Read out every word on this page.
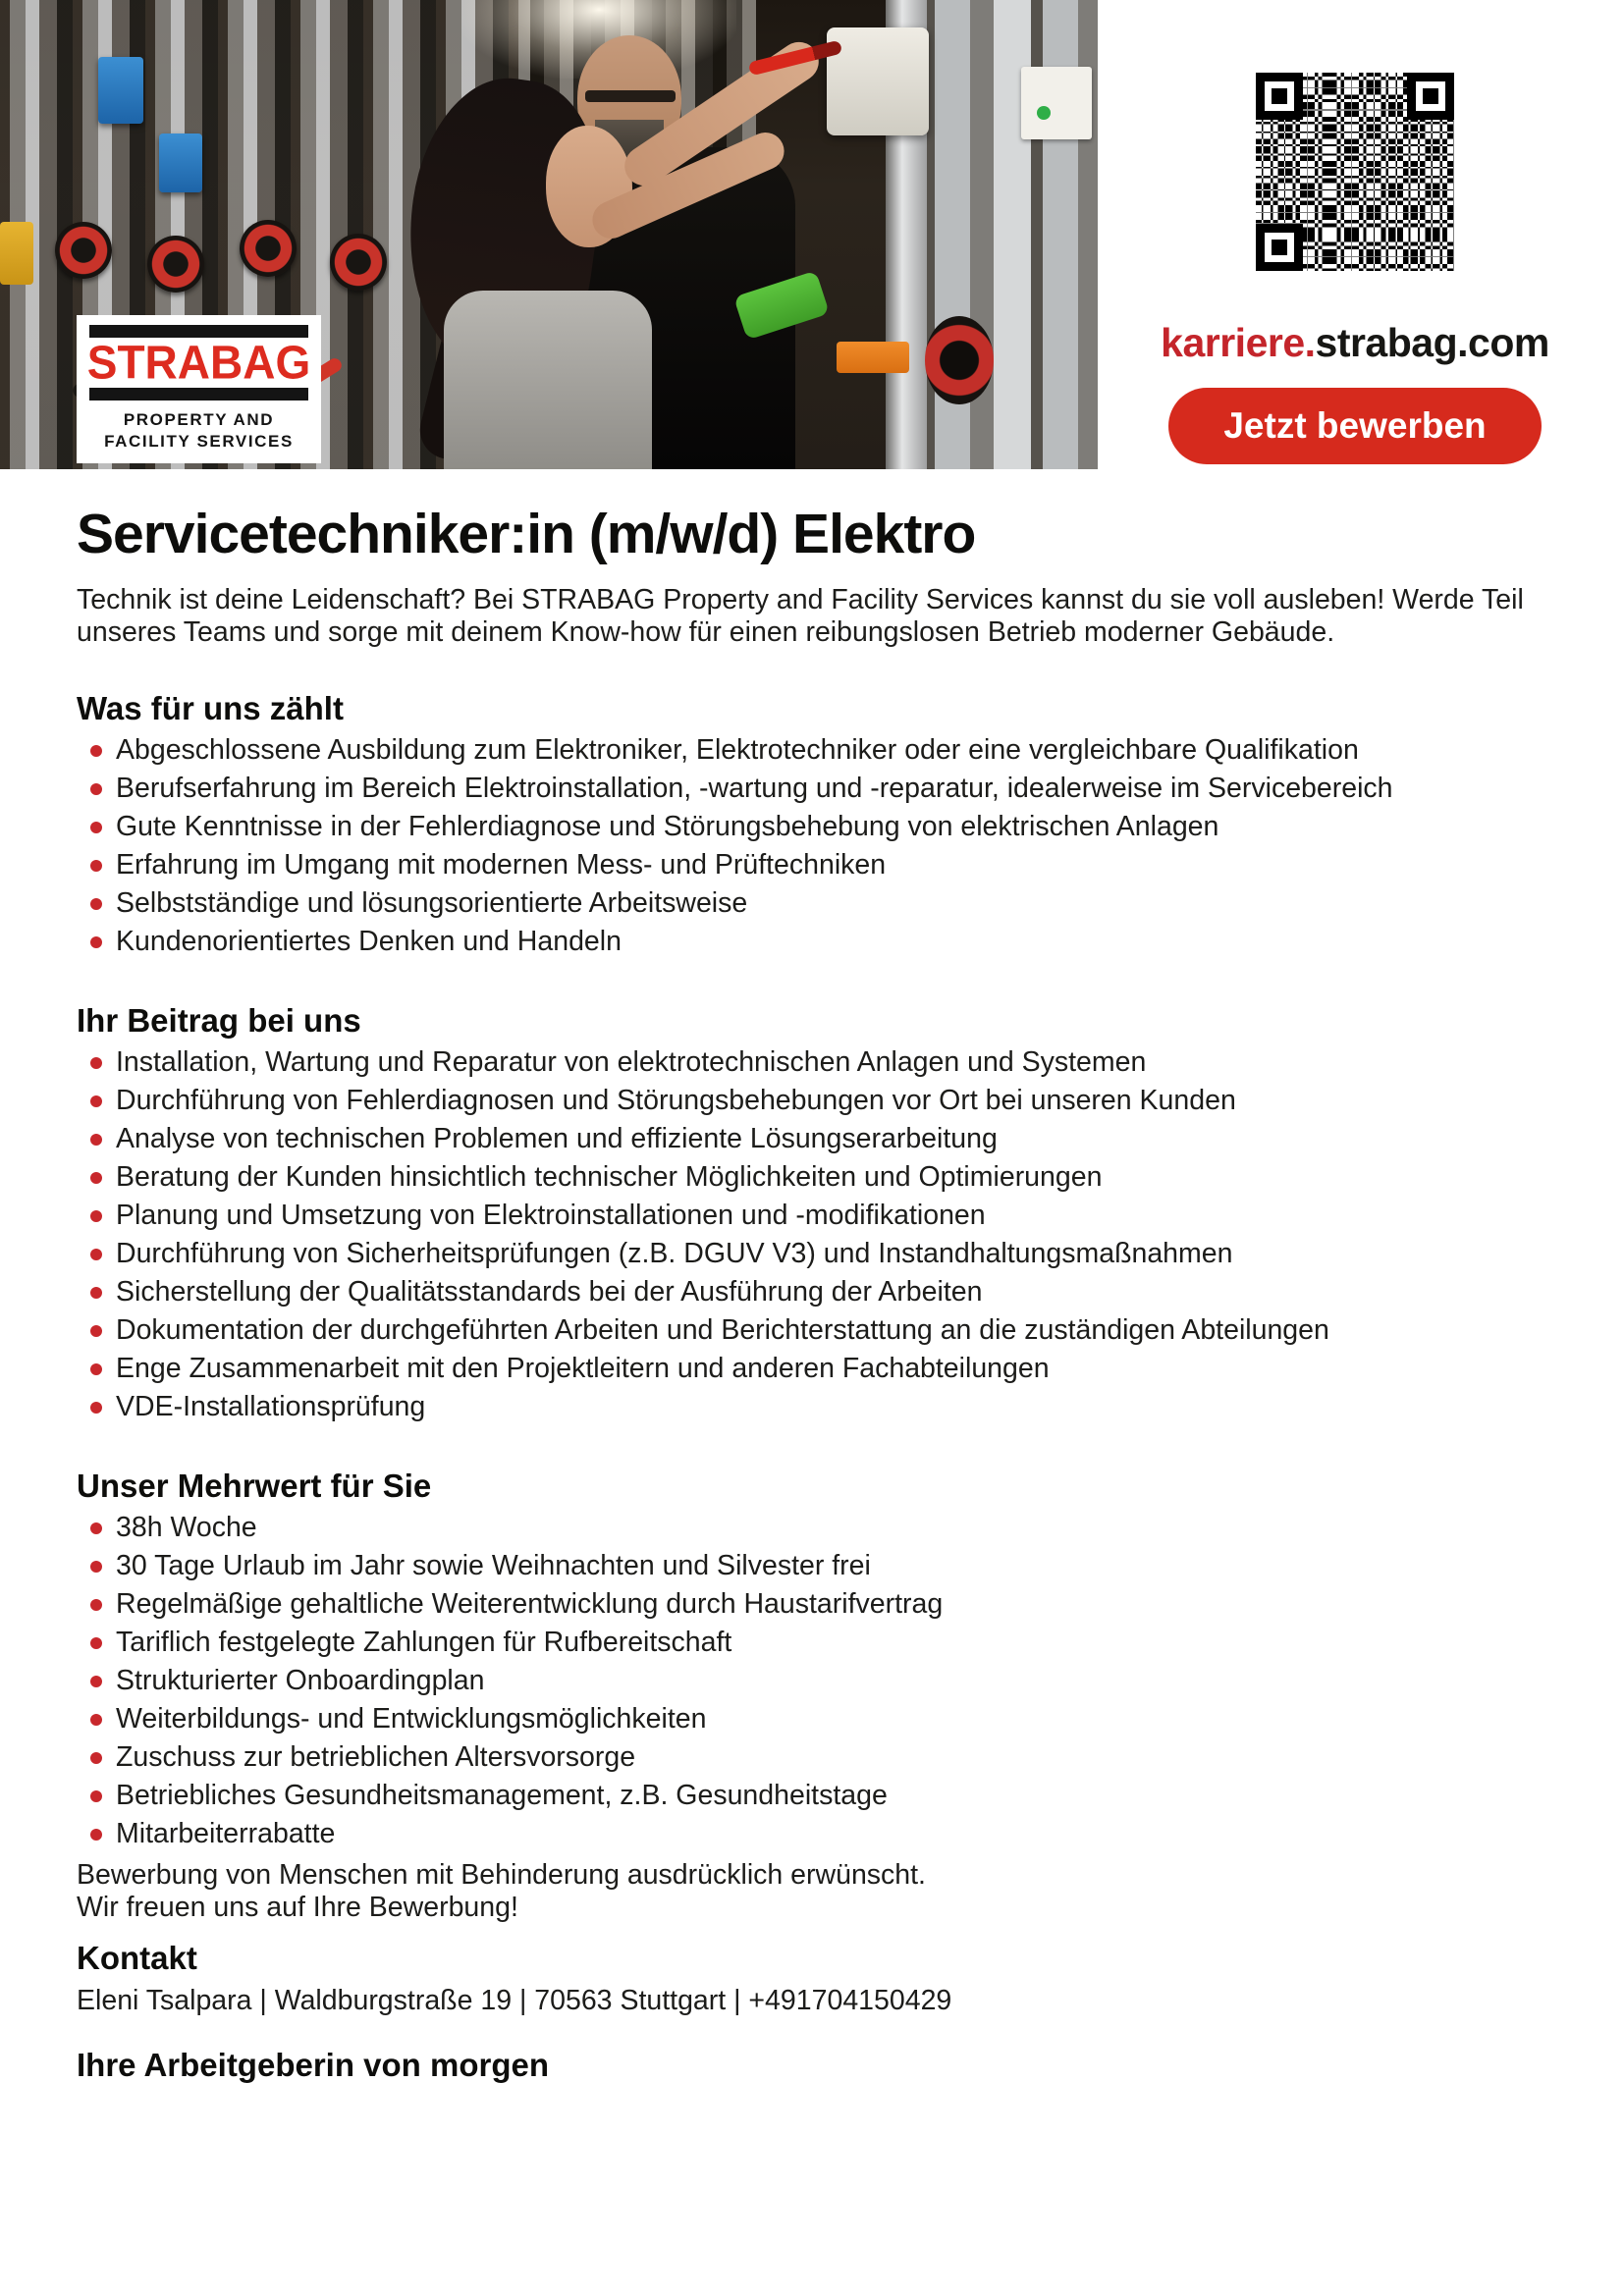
STRABAG
PROPERTY AND
FACILITY SERVICES
karriere.strabag.com
Jetzt bewerben
Servicetechniker:in (m/w/d) Elektro

Technik ist deine Leidenschaft? Bei STRABAG Property and Facility Services kannst du sie voll ausleben! Werde Teil unseres Teams und sorge mit deinem Know-how für einen reibungslosen Betrieb moderner Gebäude.

Was für uns zählt
Abgeschlossene Ausbildung zum Elektroniker, Elektrotechniker oder eine vergleichbare Qualifikation
Berufserfahrung im Bereich Elektroinstallation, -wartung und -reparatur, idealerweise im Servicebereich
Gute Kenntnisse in der Fehlerdiagnose und Störungsbehebung von elektrischen Anlagen
Erfahrung im Umgang mit modernen Mess- und Prüftechniken
Selbstständige und lösungsorientierte Arbeitsweise
Kundenorientiertes Denken und Handeln
Ihr Beitrag bei uns
Installation, Wartung und Reparatur von elektrotechnischen Anlagen und Systemen
Durchführung von Fehlerdiagnosen und Störungsbehebungen vor Ort bei unseren Kunden
Analyse von technischen Problemen und effiziente Lösungserarbeitung
Beratung der Kunden hinsichtlich technischer Möglichkeiten und Optimierungen
Planung und Umsetzung von Elektroinstallationen und -modifikationen
Durchführung von Sicherheitsprüfungen (z.B. DGUV V3) und Instandhaltungsmaßnahmen
Sicherstellung der Qualitätsstandards bei der Ausführung der Arbeiten
Dokumentation der durchgeführten Arbeiten und Berichterstattung an die zuständigen Abteilungen
Enge Zusammenarbeit mit den Projektleitern und anderen Fachabteilungen
VDE-Installationsprüfung
Unser Mehrwert für Sie
38h Woche
30 Tage Urlaub im Jahr sowie Weihnachten und Silvester frei
Regelmäßige gehaltliche Weiterentwicklung durch Haustarifvertrag
Tariflich festgelegte Zahlungen für Rufbereitschaft
Strukturierter Onboardingplan
Weiterbildungs- und Entwicklungsmöglichkeiten
Zuschuss zur betrieblichen Altersvorsorge
Betriebliches Gesundheitsmanagement, z.B. Gesundheitstage
Mitarbeiterrabatte
Bewerbung von Menschen mit Behinderung ausdrücklich erwünscht.
Wir freuen uns auf Ihre Bewerbung!
Kontakt
Eleni Tsalpara | Waldburgstraße 19 | 70563 Stuttgart | +491704150429
Ihre Arbeitgeberin von morgen
